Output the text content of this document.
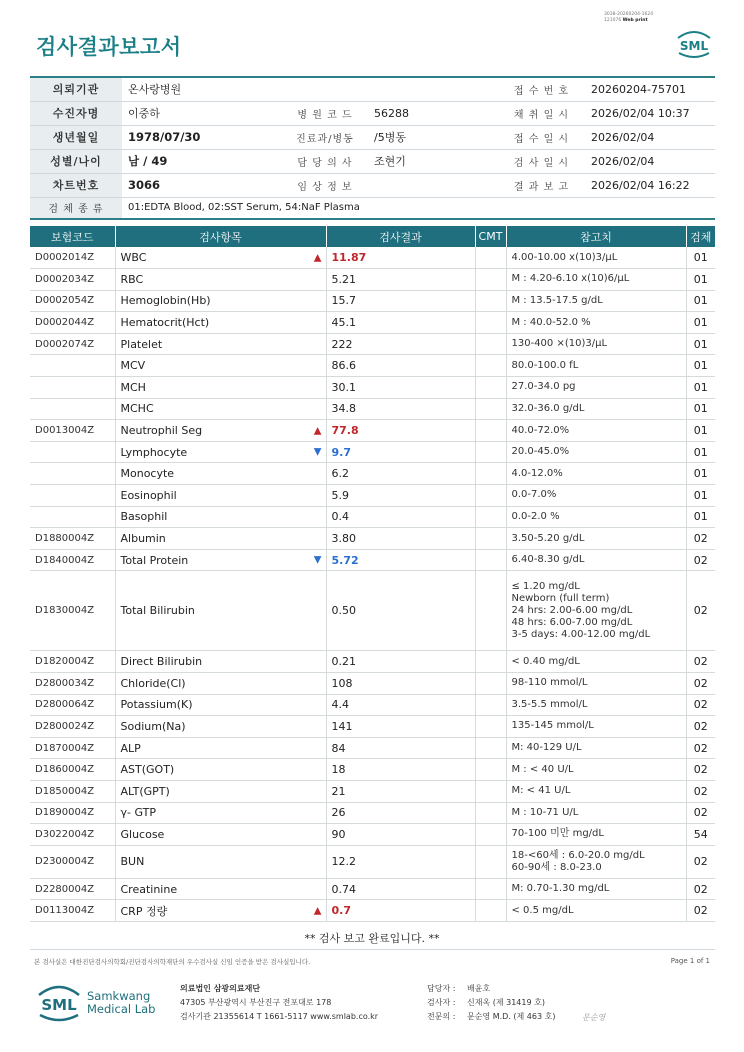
검사결과보고서
3038-20260204-1624
121076 Web print
SML
의뢰기관	온사랑병원			접 수 번 호	20260204-75701
수진자명	이중하	병 원 코 드	56288	채 취 일 시	2026/02/04 10:37
생년월일	1978/07/30	진료과/병동	/5병동	접 수 일 시	2026/02/04
성별/나이	남 / 49	담 당 의 사	조현기	검 사 일 시	2026/02/04
차트번호	3066	임 상 정 보		결 과 보 고	2026/02/04 16:22
검 체 종 류	01:EDTA Blood, 02:SST Serum, 54:NaF Plasma				
보험코드	검사항목	검사결과	CMT	참고치	검체
D0002014Z	WBC ▲	11.87		4.00-10.00 x(10)3/μL	01
D0002034Z	RBC	5.21		M : 4.20-6.10 x(10)6/μL	01
D0002054Z	Hemoglobin(Hb)	15.7		M : 13.5-17.5 g/dL	01
D0002044Z	Hematocrit(Hct)	45.1		M : 40.0-52.0 %	01
D0002074Z	Platelet	222		130-400 ×(10)3/μL	01
	MCV	86.6		80.0-100.0 fL	01
	MCH	30.1		27.0-34.0 pg	01
	MCHC	34.8		32.0-36.0 g/dL	01
D0013004Z	Neutrophil Seg ▲	77.8		40.0-72.0%	01
	Lymphocyte ▼	9.7		20.0-45.0%	01
	Monocyte	6.2		4.0-12.0%	01
	Eosinophil	5.9		0.0-7.0%	01
	Basophil	0.4		0.0-2.0 %	01
D1880004Z	Albumin	3.80		3.50-5.20 g/dL	02
D1840004Z	Total Protein ▼	5.72		6.40-8.30 g/dL	02
D1830004Z	Total Bilirubin	0.50		≤ 1.20 mg/dL
Newborn (full term)
24 hrs: 2.00-6.00 mg/dL
48 hrs: 6.00-7.00 mg/dL
3-5 days: 4.00-12.00 mg/dL	02
D1820004Z	Direct Bilirubin	0.21		< 0.40 mg/dL	02
D2800034Z	Chloride(Cl)	108		98-110 mmol/L	02
D2800064Z	Potassium(K)	4.4		3.5-5.5 mmol/L	02
D2800024Z	Sodium(Na)	141		135-145 mmol/L	02
D1870004Z	ALP	84		M: 40-129 U/L	02
D1860004Z	AST(GOT)	18		M : < 40 U/L	02
D1850004Z	ALT(GPT)	21		M: < 41 U/L	02
D1890004Z	γ- GTP	26		M : 10-71 U/L	02
D3022004Z	Glucose	90		70-100 미만 mg/dL	54
D2300004Z	BUN	12.2		18-<60세 : 6.0-20.0 mg/dL
60-90세 : 8.0-23.0	02
D2280004Z	Creatinine	0.74		M: 0.70-1.30 mg/dL	02
D0113004Z	CRP 정량 ▲	0.7		< 0.5 mg/dL	02
** 검사 보고 완료입니다. **
본 검사실은 대한진단검사의학회/진단검사의학재단의 우수검사실 신임 인증을 받은 검사실입니다.	Page 1 of 1
SML Samkwang
Medical Lab
의료법인 삼광의료재단
47305 부산광역시 부산진구 전포대로 178
검사기관 21355614 T 1661-5117 www.smlab.co.kr
담당자 :	배윤호
검사자 :	신재옥 (제 31419 호)
전문의 :	문순영 M.D. (제 463 호)	문순영
